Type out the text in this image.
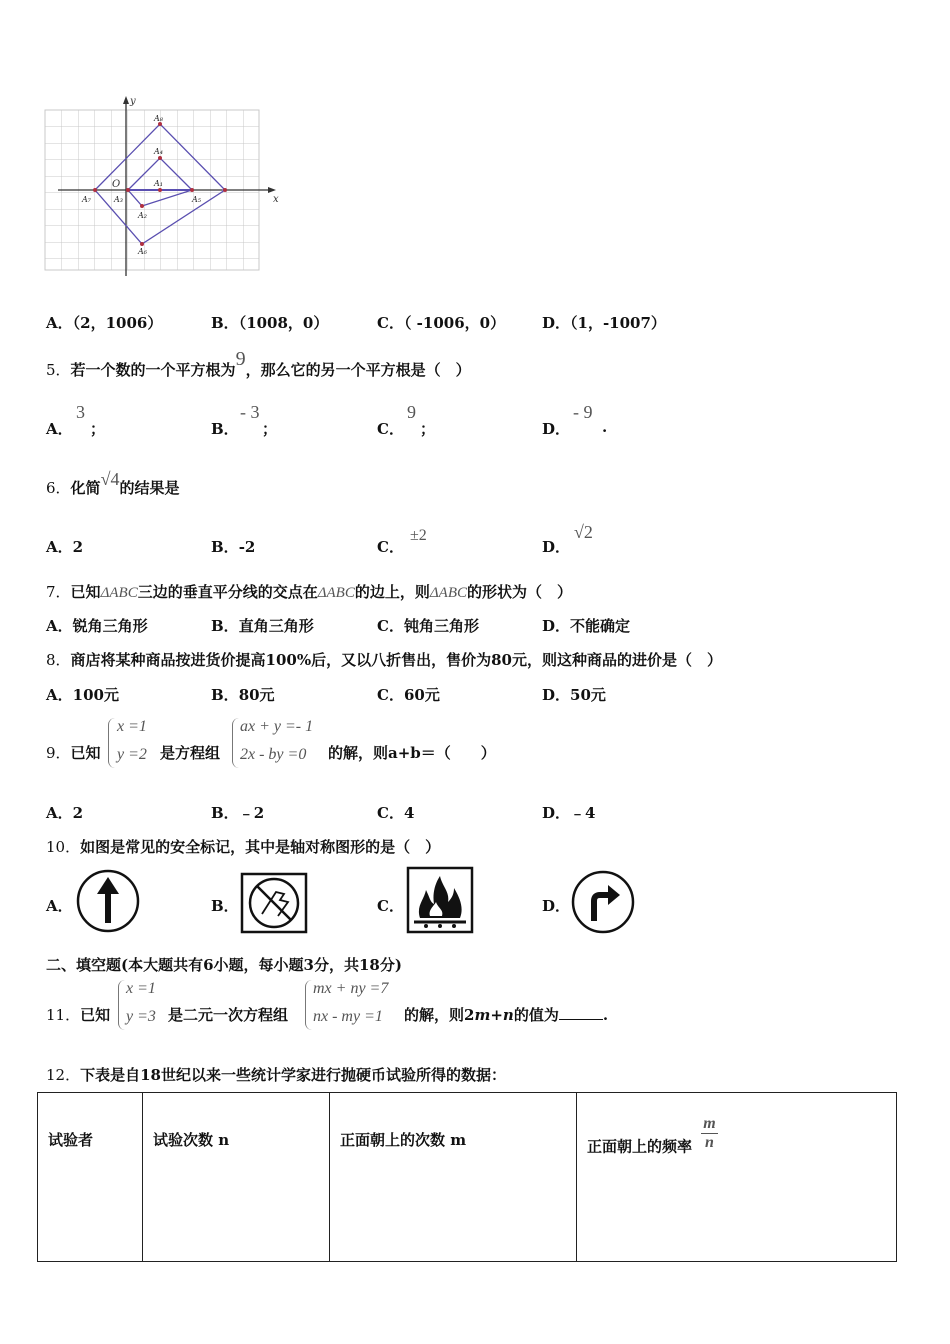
x
y
O	A₁
A₂
A₃
A₄
A₅
A₆
A₇
A₈
A．（2，1006）	B．（1008，0）	C．（ -1006，0） D．（1，-1007）
5．若一个数的一个平方根为9，那么它的另一个平方根是（　）
A．
3
；	B．
- 3
；	C．
9
；	D．
- 9
.
6．化简√4的结果是
A．2	B．-2	C．
±2
D．
√2
7．已知ΔABC三边的垂直平分线的交点在ΔABC的边上，则ΔABC的形状为（　）
A．锐角三角形	B．直角三角形	C．钝角三角形	D．不能确定
8．商店将某种商品按进货价提高100%后，又以八折售出，售价为80元，则这种商品的进价是（　）
A．100元	B．80元	C．60元	D．50元
9．已知
x =1
y =2 是方程组
ax + y =- 1
2x - by =0 的解，则a+b＝（　　）
A．2	B．﹣2	C．4	D．﹣4
10．如图是常见的安全标记，其中是轴对称图形的是（　）
A．	B．	C．	D．
二、填空题(本大题共有6小题，每小题3分，共18分)
11．已知
x =1
y =3 是二元一次方程组
mx + ny =7
nx - my =1 的解，则2m+n的值为	.
12．下表是自18世纪以来一些统计学家进行抛硬币试验所得的数据：
试验者	试验次数 n	正面朝上的次数 m	正面朝上的频率 $\frac{m}{n}$
